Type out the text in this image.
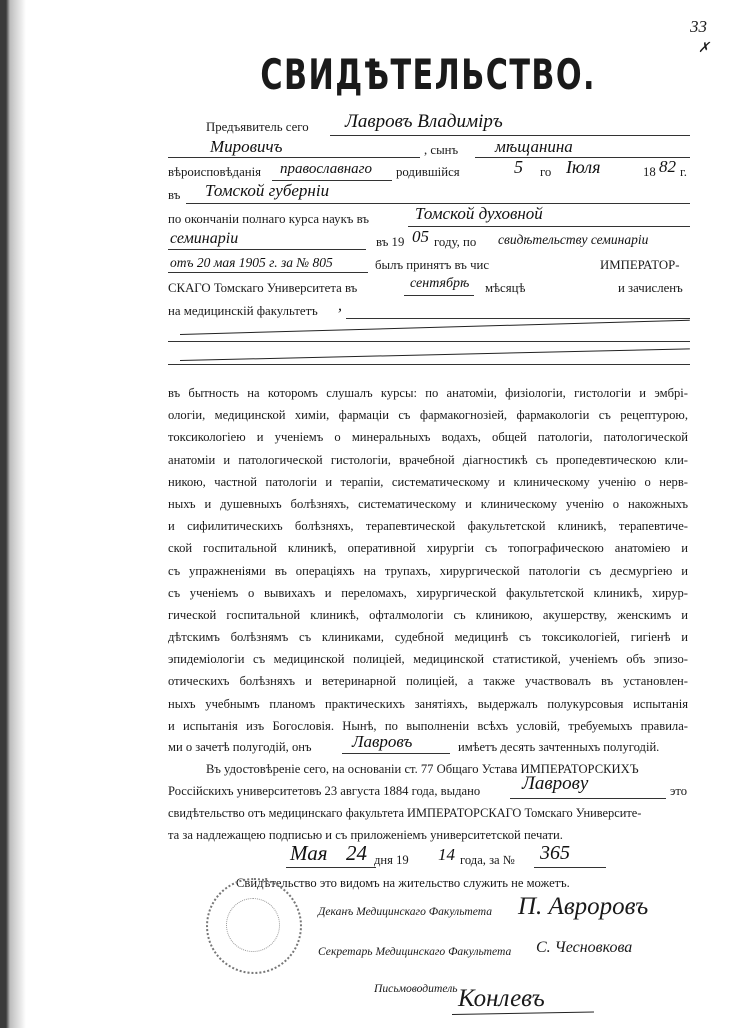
33
✗
СВИДѢТЕЛЬСТВО.
Предъявитель сего Лавровъ Владиміръ
Мировичъ	, сынъ мѣщанина
вѣроисповѣданія православнаго родившійся	5 го Іюля	18 82 г.
въ Томской губерніи
по окончаніи полнаго курса наукъ въ	Томской духовной
семинаріи	въ 19 05 году, по свидѣтельству семинаріи
отъ 20 мая 1905 г. за № 805	былъ принятъ въ чис	ИМПЕРАТОР-
СКАГО Томскаго Университета въ	сентябрѣ мѣсяцѣ	и зачисленъ
на медицинскій факультетъ ,
въ бытность на которомъ слушалъ курсы: по анатоміи, физіологіи, гистологіи и эмбрі-
ологіи, медицинской химіи, фармаціи съ фармакогнозіей, фармакологіи съ рецептурою,
токсикологіею и ученіемъ о минеральныхъ водахъ, общей патологіи, патологической
анатоміи и патологической гистологіи, врачебной діагностикѣ съ пропедевтическою кли-
никою, частной патологіи и терапіи, систематическому и клиническому ученію о нерв-
ныхъ и душевныхъ болѣзняхъ, систематическому и клиническому ученію о накожныхъ
и сифилитическихъ болѣзняхъ, терапевтической факультетской клиникѣ, терапевтиче-
ской госпитальной клиникѣ, оперативной хирургіи съ топографическою анатоміею и
съ упражненіями въ операціяхъ на трупахъ, хирургической патологіи съ десмургіею и
съ ученіемъ о вывихахъ и переломахъ, хирургической факультетской клиникѣ, хирур-
гической госпитальной клиникѣ, офталмологіи съ клиникою, акушерству, женскимъ и
дѣтскимъ болѣзнямъ съ клиниками, судебной медицинѣ съ токсикологіей, гигіенѣ и
эпидеміологіи съ медицинской полиціей, медицинской статистикой, ученіемъ объ эпизо-
отическихъ болѣзняхъ и ветеринарной полиціей, а также участвовалъ въ установлен-
ныхъ учебнымъ планомъ практическихъ занятіяхъ, выдержалъ полукурсовыя испытанія
и испытанія изъ Богословія. Нынѣ, по выполненіи всѣхъ условій, требуемыхъ правила-
ми о зачетѣ полугодій, онъ Лавровъ	имѣетъ десять зачтенныхъ полугодій.
Въ удостовѣреніе сего, на основаніи ст. 77 Общаго Устава ИМПЕРАТОРСКИХЪ
Россійскихъ университетовъ 23 августа 1884 года, выдано Лаврову	это
свидѣтельство отъ медицинскаго факультета ИМПЕРАТОРСКАГО Томскаго Университе-
та за надлежащею подписью и съ приложеніемъ университетской печати.
Мая 24 дня 19 14 года, за № 365
Свидѣтельство это видомъ на жительство служить не можетъ.
Деканъ Медицинскаго Факультета П. Авроровъ
Секретарь Медицинскаго Факультета С. Чесновкова
Письмоводитель Конлевъ
